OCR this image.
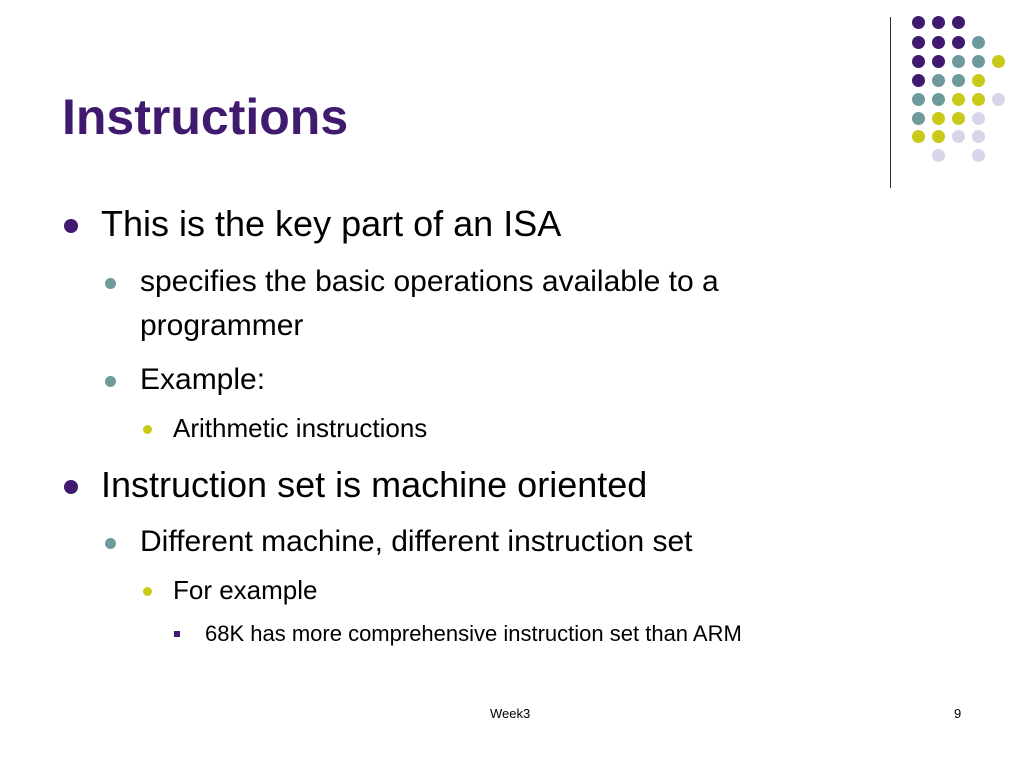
Instructions
This is the key part of an ISA
specifies the basic operations available to a
programmer
Example:
Arithmetic instructions
Instruction set is machine oriented
Different machine, different instruction set
For example
68K has more comprehensive instruction set than ARM
Week3	9
